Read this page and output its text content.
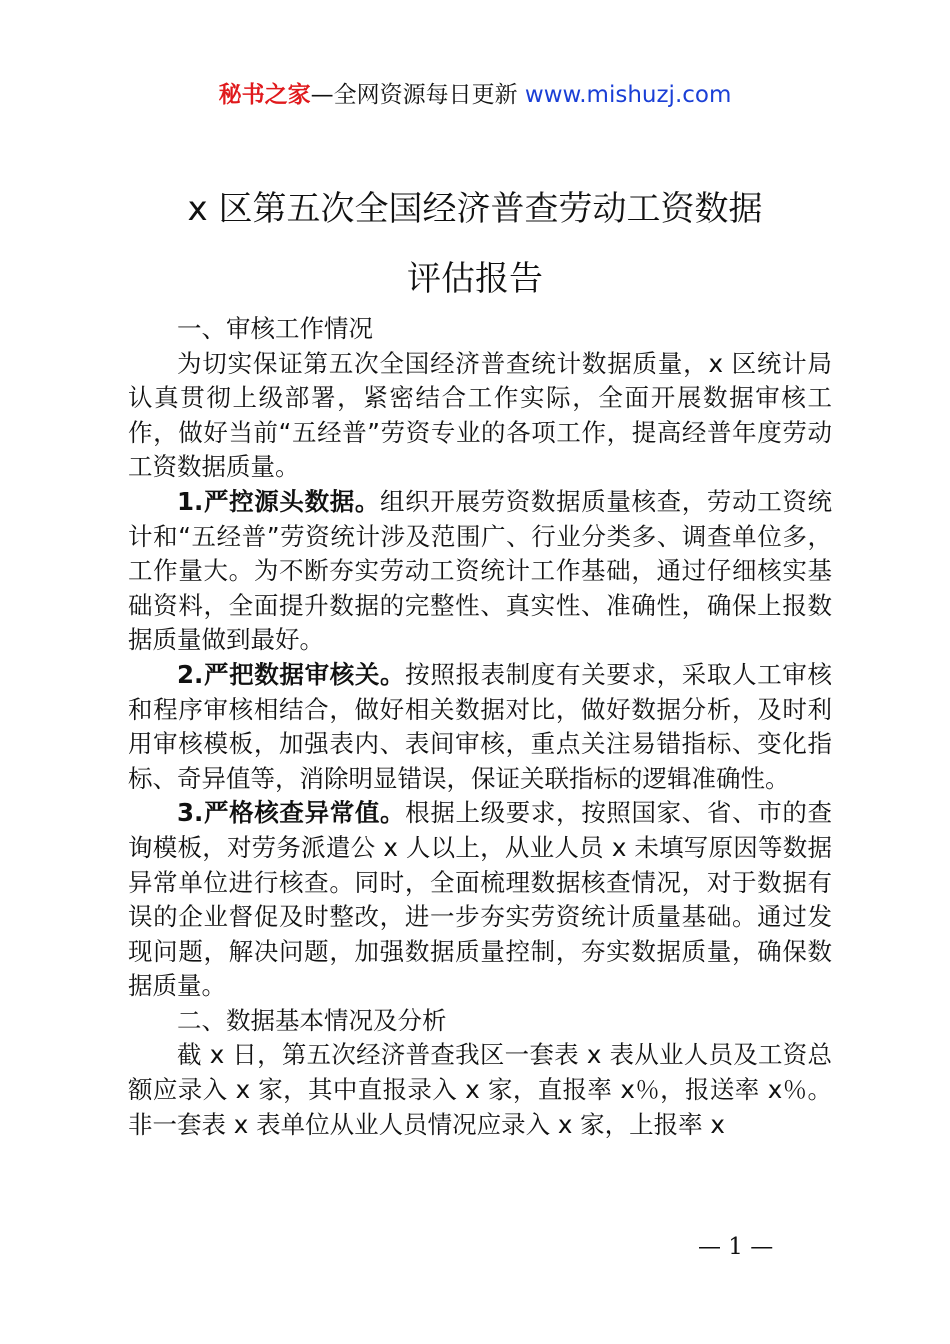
秘书之家—全网资源每日更新 www.mishuzj.com
x 区第五次全国经济普查劳动工资数据
评估报告

一、审核工作情况

为切实保证第五次全国经济普查统计数据质量，x 区统计局认真贯彻上级部署，紧密结合工作实际，全面开展数据审核工作，做好当前“五经普”劳资专业的各项工作，提高经普年度劳动工资数据质量。

1.严控源头数据。组织开展劳资数据质量核查，劳动工资统计和“五经普”劳资统计涉及范围广、行业分类多、调查单位多，工作量大。为不断夯实劳动工资统计工作基础，通过仔细核实基础资料，全面提升数据的完整性、真实性、准确性，确保上报数据质量做到最好。

2.严把数据审核关。按照报表制度有关要求，采取人工审核和程序审核相结合，做好相关数据对比，做好数据分析，及时利用审核模板，加强表内、表间审核，重点关注易错指标、变化指标、奇异值等，消除明显错误，保证关联指标的逻辑准确性。

3.严格核查异常值。根据上级要求，按照国家、省、市的查询模板，对劳务派遣公 x 人以上，从业人员 x 未填写原因等数据异常单位进行核查。同时，全面梳理数据核查情况，对于数据有误的企业督促及时整改，进一步夯实劳资统计质量基础。通过发现问题，解决问题，加强数据质量控制，夯实数据质量，确保数据质量。

二、数据基本情况及分析

截 x 日，第五次经济普查我区一套表 x 表从业人员及工资总额应录入 x 家，其中直报录入 x 家，直报率 x％，报送率 x％。非一套表 x 表单位从业人员情况应录入 x 家，上报率 x

— 1 —
